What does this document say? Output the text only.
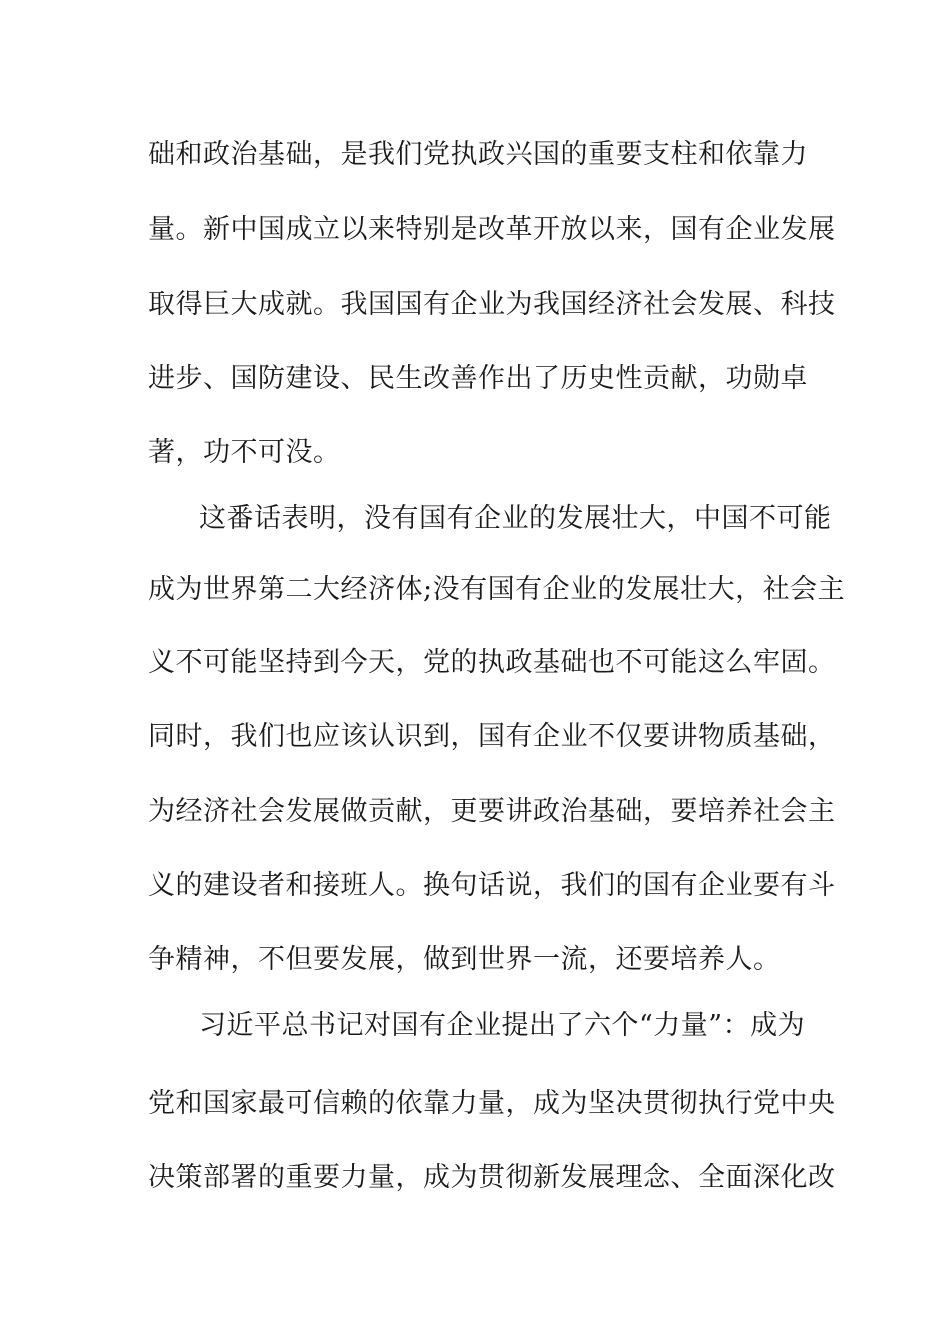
础和政治基础，是我们党执政兴国的重要支柱和依靠力
量。新中国成立以来特别是改革开放以来，国有企业发展
取得巨大成就。我国国有企业为我国经济社会发展、科技
进步、国防建设、民生改善作出了历史性贡献，功勋卓
著，功不可没。
这番话表明，没有国有企业的发展壮大，中国不可能
成为世界第二大经济体;没有国有企业的发展壮大，社会主
义不可能坚持到今天，党的执政基础也不可能这么牢固。
同时，我们也应该认识到，国有企业不仅要讲物质基础，
为经济社会发展做贡献，更要讲政治基础，要培养社会主
义的建设者和接班人。换句话说，我们的国有企业要有斗
争精神，不但要发展，做到世界一流，还要培养人。
习近平总书记对国有企业提出了六个“力量”：成为
党和国家最可信赖的依靠力量，成为坚决贯彻执行党中央
决策部署的重要力量，成为贯彻新发展理念、全面深化改
